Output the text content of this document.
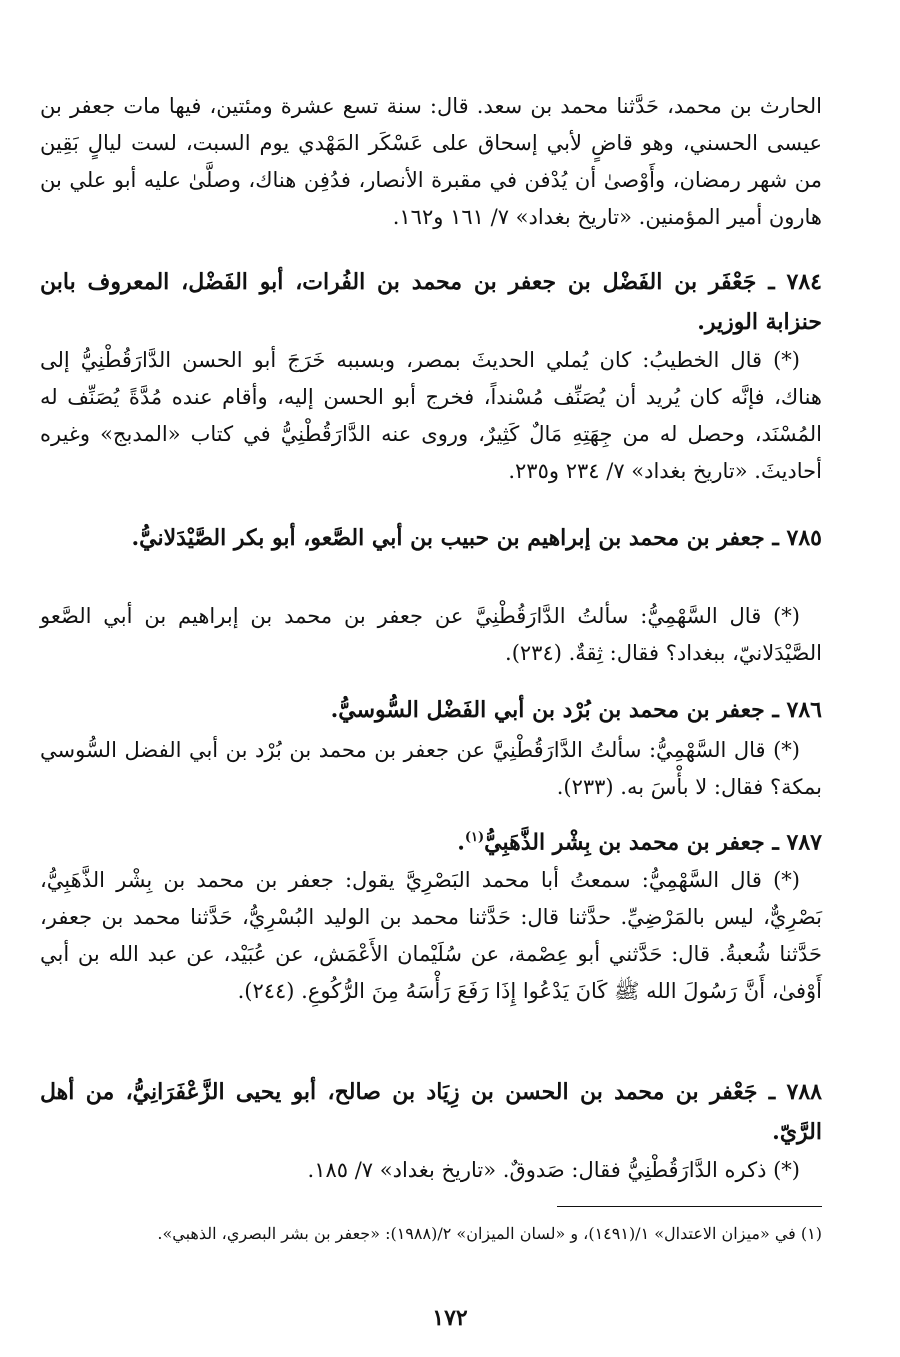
الحارث بن محمد، حَدَّثنا محمد بن سعد. قال: سنة تسع عشرة ومئتين، فيها مات جعفر بن عيسى الحسني، وهو قاضٍ لأبي إسحاق على عَسْكَر المَهْدي يوم السبت، لست ليالٍ بَقِين من شهر رمضان، وأَوْصىٰ أن يُدْفن في مقبرة الأنصار، فدُفِن هناك، وصلَّىٰ عليه أبو علي بن هارون أمير المؤمنين. «تاريخ بغداد» ٧/ ١٦١ و١٦٢.
٧٨٤ ـ جَعْفَر بن الفَضْل بن جعفر بن محمد بن الفُرات، أبو الفَضْل، المعروف بابن حنزابة الوزير.
(*) قال الخطيبُ: كان يُملي الحديثَ بمصر، وبسببه خَرَجَ أبو الحسن الدَّارَقُطْنِيُّ إلى هناك، فإنَّه كان يُريد أن يُصَنِّف مُسْنداً، فخرج أبو الحسن إليه، وأقام عنده مُدَّةً يُصَنِّف له المُسْنَد، وحصل له من جِهَتِهِ مَالٌ كَثِيرٌ، وروى عنه الدَّارَقُطْنِيُّ في كتاب «المدبج» وغيره أحاديثَ. «تاريخ بغداد» ٧/ ٢٣٤ و٢٣٥.
٧٨٥ ـ جعفر بن محمد بن إبراهيم بن حبيب بن أبي الصَّعو، أبو بكر الصَّيْدَلانيُّ.
(*) قال السَّهْمِيُّ: سألتُ الدَّارَقُطْنِيَّ عن جعفر بن محمد بن إبراهيم بن أبي الصَّعو الصَّيْدَلانيّ، ببغداد؟ فقال: ثِقةٌ. (٢٣٤).
٧٨٦ ـ جعفر بن محمد بن بُرْد بن أبي الفَضْل السُّوسيُّ.
(*) قال السَّهْمِيُّ: سألتُ الدَّارَقُطْنِيَّ عن جعفر بن محمد بن بُرْد بن أبي الفضل السُّوسي بمكة؟ فقال: لا بأْسَ به. (٢٣٣).
٧٨٧ ـ جعفر بن محمد بن بِشْر الذَّهَبِيُّ$^{(١)}$.
(*) قال السَّهْمِيُّ: سمعتُ أبا محمد البَصْرِيَّ يقول: جعفر بن محمد بن بِشْر الذَّهَبِيُّ، بَصْرِيٌّ، ليس بالمَرْضِيِّ. حدَّثنا قال: حَدَّثنا محمد بن الوليد البُسْرِيُّ، حَدَّثنا محمد بن جعفر، حَدَّثنا شُعبةُ. قال: حَدَّثني أبو عِصْمة، عن سُلَيْمان الأَعْمَش، عن عُبَيْد، عن عبد الله بن أبي أَوْفىٰ، أَنَّ رَسُولَ الله ﷺ كَانَ يَدْعُوا إِذَا رَفَعَ رَأْسَهُ مِنَ الرُّكُوعِ. (٢٤٤).
٧٨٨ ـ جَعْفر بن محمد بن الحسن بن زِيَاد بن صالح، أبو يحيى الزَّعْفَرَانِيُّ، من أهل الرَّيّ.
(*) ذكره الدَّارَقُطْنِيُّ فقال: صَدوقٌ. «تاريخ بغداد» ٧/ ١٨٥.
(١) في «ميزان الاعتدال» ١/(١٤٩١)، و «لسان الميزان» ٢/(١٩٨٨): «جعفر بن بشر البصري، الذهبي».
١٧٢
